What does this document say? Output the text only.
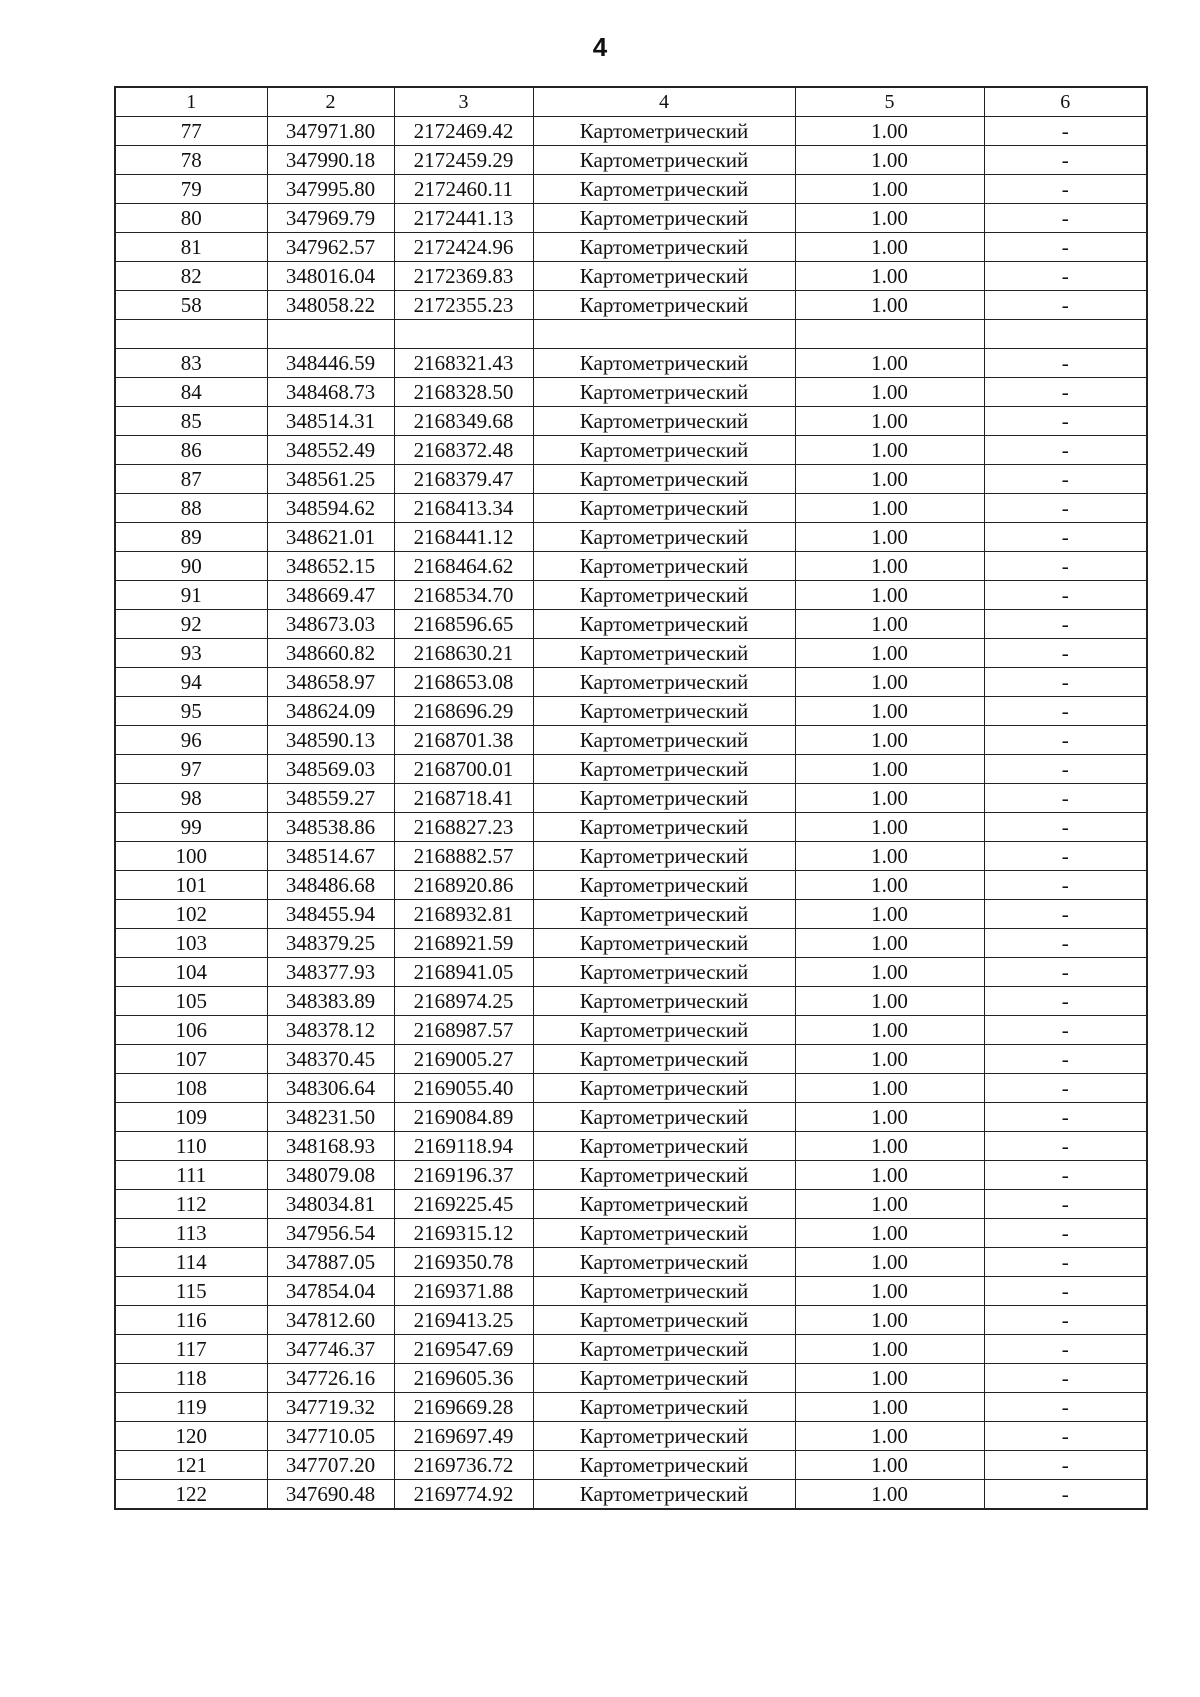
4
1	2	3	4	5	6
77	347971.80	2172469.42	Картометрический	1.00	-
78	347990.18	2172459.29	Картометрический	1.00	-
79	347995.80	2172460.11	Картометрический	1.00	-
80	347969.79	2172441.13	Картометрический	1.00	-
81	347962.57	2172424.96	Картометрический	1.00	-
82	348016.04	2172369.83	Картометрический	1.00	-
58	348058.22	2172355.23	Картометрический	1.00	-

83	348446.59	2168321.43	Картометрический	1.00	-
84	348468.73	2168328.50	Картометрический	1.00	-
85	348514.31	2168349.68	Картометрический	1.00	-
86	348552.49	2168372.48	Картометрический	1.00	-
87	348561.25	2168379.47	Картометрический	1.00	-
88	348594.62	2168413.34	Картометрический	1.00	-
89	348621.01	2168441.12	Картометрический	1.00	-
90	348652.15	2168464.62	Картометрический	1.00	-
91	348669.47	2168534.70	Картометрический	1.00	-
92	348673.03	2168596.65	Картометрический	1.00	-
93	348660.82	2168630.21	Картометрический	1.00	-
94	348658.97	2168653.08	Картометрический	1.00	-
95	348624.09	2168696.29	Картометрический	1.00	-
96	348590.13	2168701.38	Картометрический	1.00	-
97	348569.03	2168700.01	Картометрический	1.00	-
98	348559.27	2168718.41	Картометрический	1.00	-
99	348538.86	2168827.23	Картометрический	1.00	-
100	348514.67	2168882.57	Картометрический	1.00	-
101	348486.68	2168920.86	Картометрический	1.00	-
102	348455.94	2168932.81	Картометрический	1.00	-
103	348379.25	2168921.59	Картометрический	1.00	-
104	348377.93	2168941.05	Картометрический	1.00	-
105	348383.89	2168974.25	Картометрический	1.00	-
106	348378.12	2168987.57	Картометрический	1.00	-
107	348370.45	2169005.27	Картометрический	1.00	-
108	348306.64	2169055.40	Картометрический	1.00	-
109	348231.50	2169084.89	Картометрический	1.00	-
110	348168.93	2169118.94	Картометрический	1.00	-
111	348079.08	2169196.37	Картометрический	1.00	-
112	348034.81	2169225.45	Картометрический	1.00	-
113	347956.54	2169315.12	Картометрический	1.00	-
114	347887.05	2169350.78	Картометрический	1.00	-
115	347854.04	2169371.88	Картометрический	1.00	-
116	347812.60	2169413.25	Картометрический	1.00	-
117	347746.37	2169547.69	Картометрический	1.00	-
118	347726.16	2169605.36	Картометрический	1.00	-
119	347719.32	2169669.28	Картометрический	1.00	-
120	347710.05	2169697.49	Картометрический	1.00	-
121	347707.20	2169736.72	Картометрический	1.00	-
122	347690.48	2169774.92	Картометрический	1.00	-
